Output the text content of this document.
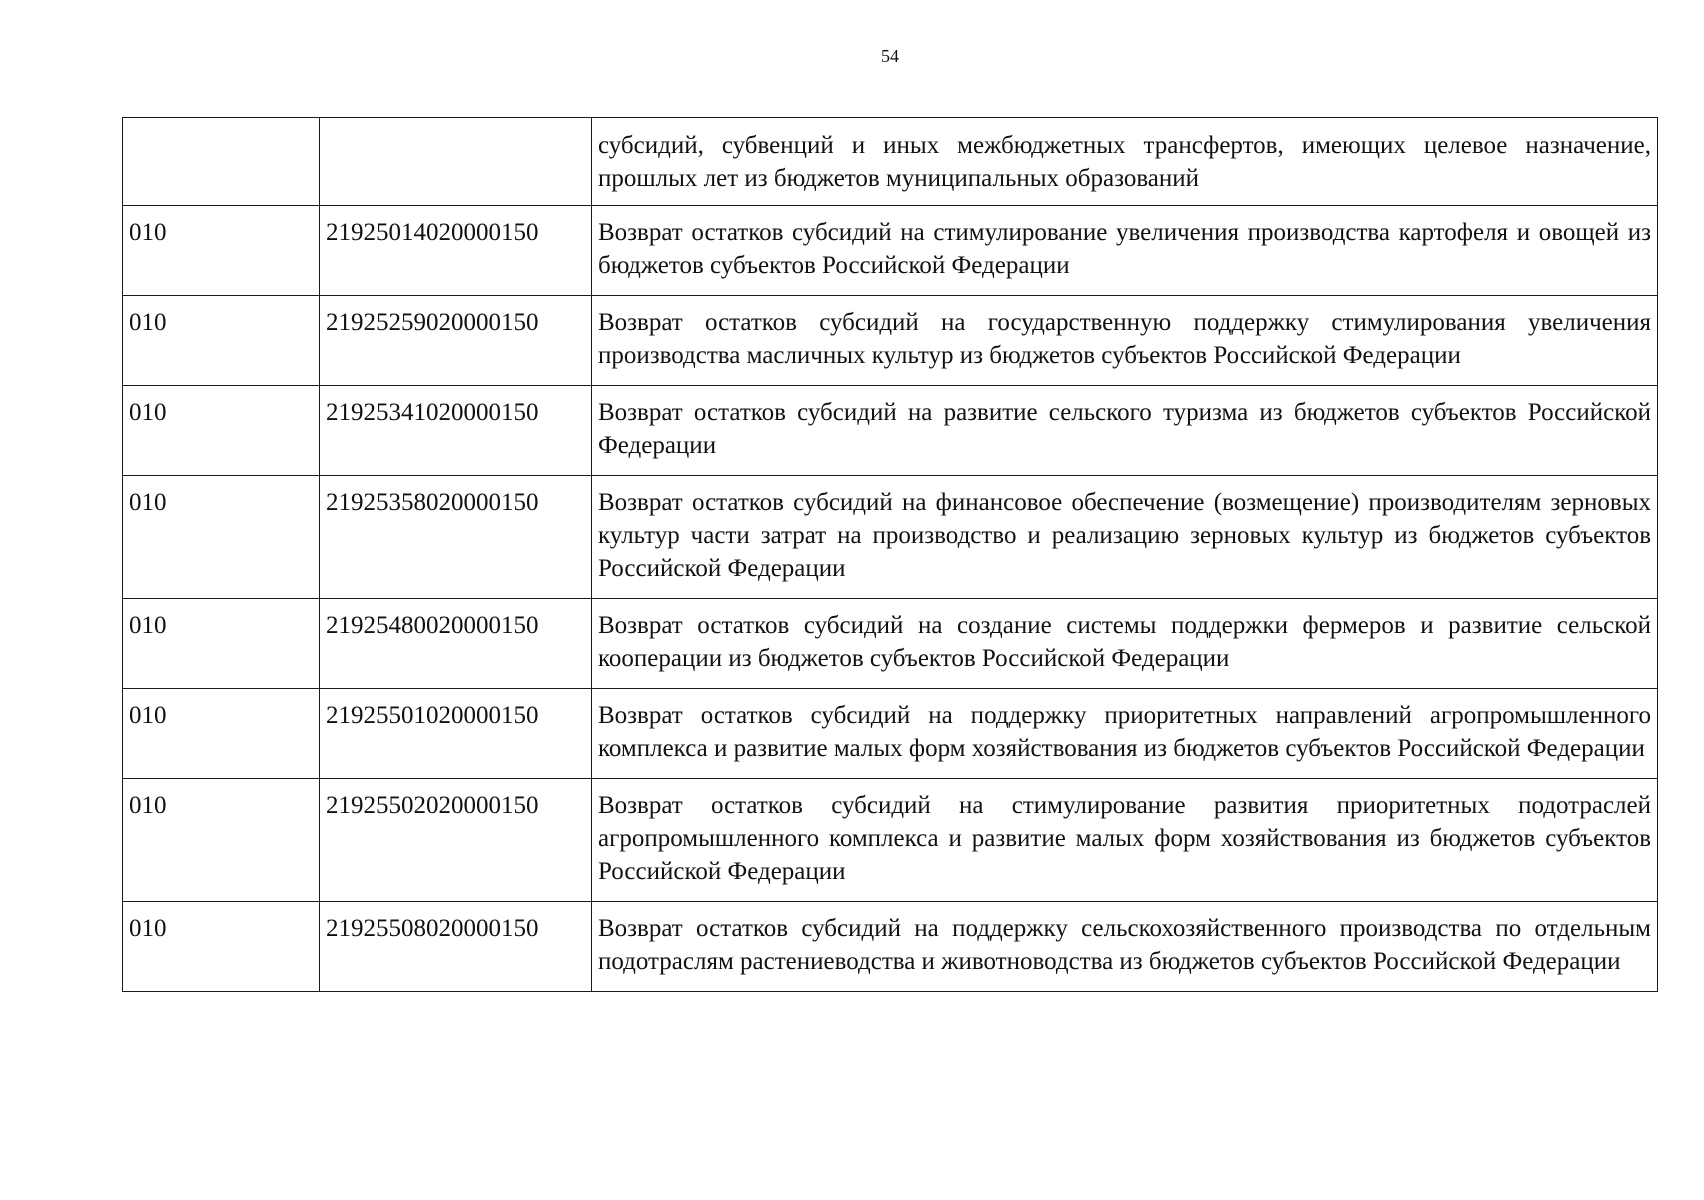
54
		субсидий, субвенций и иных межбюджетных трансфертов, имеющих целевое назначение, прошлых лет из бюджетов муниципальных образований
010	21925014020000150	Возврат остатков субсидий на стимулирование увеличения производства картофеля и овощей из бюджетов субъектов Российской Федерации
010	21925259020000150	Возврат остатков субсидий на государственную поддержку стимулирования увеличения производства масличных культур из бюджетов субъектов Российской Федерации
010	21925341020000150	Возврат остатков субсидий на развитие сельского туризма из бюджетов субъектов Российской Федерации
010	21925358020000150	Возврат остатков субсидий на финансовое обеспечение (возмещение) производителям зерновых культур части затрат на производство и реализацию зерновых культур из бюджетов субъектов Российской Федерации
010	21925480020000150	Возврат остатков субсидий на создание системы поддержки фермеров и развитие сельской кооперации из бюджетов субъектов Российской Федерации
010	21925501020000150	Возврат остатков субсидий на поддержку приоритетных направлений агропромышленного комплекса и развитие малых форм хозяйствования из бюджетов субъектов Российской Федерации
010	21925502020000150	Возврат остатков субсидий на стимулирование развития приоритетных подотраслей агропромышленного комплекса и развитие малых форм хозяйствования из бюджетов субъектов Российской Федерации
010	21925508020000150	Возврат остатков субсидий на поддержку сельскохозяйственного производства по отдельным подотраслям растениеводства и животноводства из бюджетов субъектов Российской Федерации
